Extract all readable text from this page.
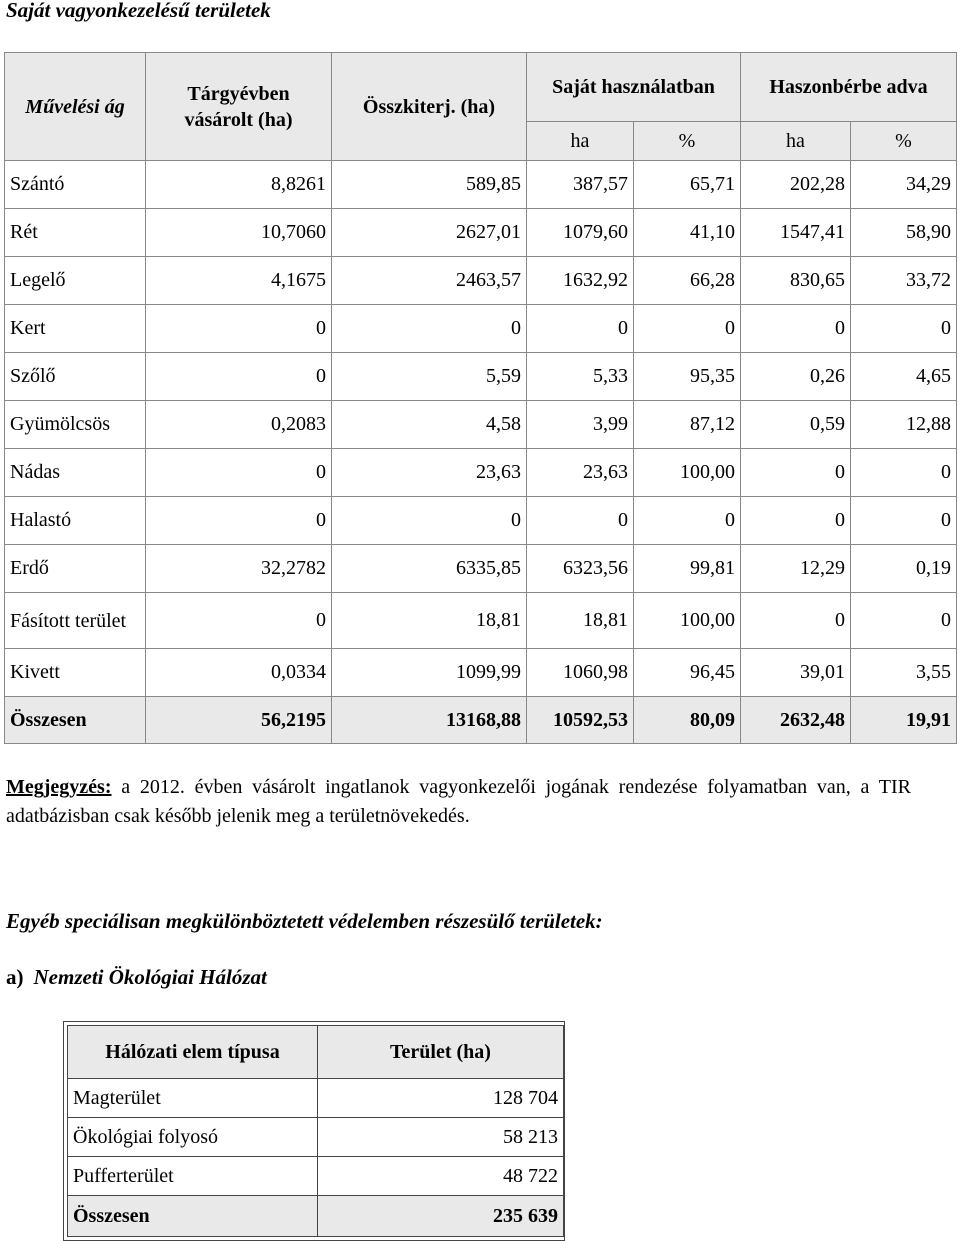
Saját vagyonkezelésű területek
Művelési ág	Tárgyévben vásárolt (ha)	Összkiterj. (ha)	Saját használatban		Haszonbérbe adva	
			ha	%	ha	%
Szántó	8,8261	589,85	387,57	65,71	202,28	34,29
Rét	10,7060	2627,01	1079,60	41,10	1547,41	58,90
Legelő	4,1675	2463,57	1632,92	66,28	830,65	33,72
Kert	0	0	0	0	0	0
Szőlő	0	5,59	5,33	95,35	0,26	4,65
Gyümölcsös	0,2083	4,58	3,99	87,12	0,59	12,88
Nádas	0	23,63	23,63	100,00	0	0
Halastó	0	0	0	0	0	0
Erdő	32,2782	6335,85	6323,56	99,81	12,29	0,19
Fásított terület	0	18,81	18,81	100,00	0	0
Kivett	0,0334	1099,99	1060,98	96,45	39,01	3,55
Összesen	56,2195	13168,88	10592,53	80,09	2632,48	19,91
Megjegyzés: a 2012. évben vásárolt ingatlanok vagyonkezelői jogának rendezése folyamatban van, a TIR adatbázisban csak később jelenik meg a területnövekedés.
Egyéb speciálisan megkülönböztetett védelemben részesülő területek:
a) Nemzeti Ökológiai Hálózat
Hálózati elem típusa	Terület (ha)
Magterület	128 704
Ökológiai folyosó	58 213
Pufferterület	48 722
Összesen	235 639
